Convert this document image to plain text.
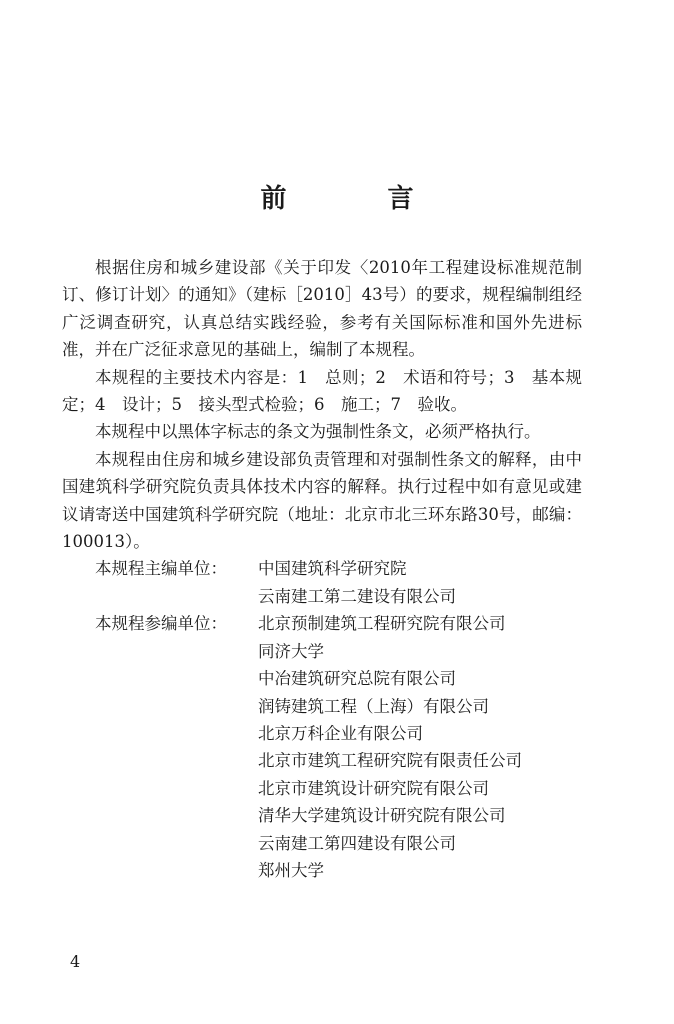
前 言

根据住房和城乡建设部《关于印发〈2010年工程建设标准规范制订、修订计划〉的通知》（建标［2010］43号）的要求，规程编制组经广泛调查研究，认真总结实践经验，参考有关国际标准和国外先进标准，并在广泛征求意见的基础上，编制了本规程。

本规程的主要技术内容是：1　总则；2　术语和符号；3　基本规定；4　设计；5　接头型式检验；6　施工；7　验收。

本规程中以黑体字标志的条文为强制性条文，必须严格执行。

本规程由住房和城乡建设部负责管理和对强制性条文的解释，由中国建筑科学研究院负责具体技术内容的解释。执行过程中如有意见或建议请寄送中国建筑科学研究院（地址：北京市北三环东路30号，邮编：100013）。

本规程主编单位：	中国建筑科学研究院
云南建工第二建设有限公司
本规程参编单位：	北京预制建筑工程研究院有限公司
同济大学
中冶建筑研究总院有限公司
润铸建筑工程（上海）有限公司
北京万科企业有限公司
北京市建筑工程研究院有限责任公司
北京市建筑设计研究院有限公司
清华大学建筑设计研究院有限公司
云南建工第四建设有限公司
郑州大学
4
